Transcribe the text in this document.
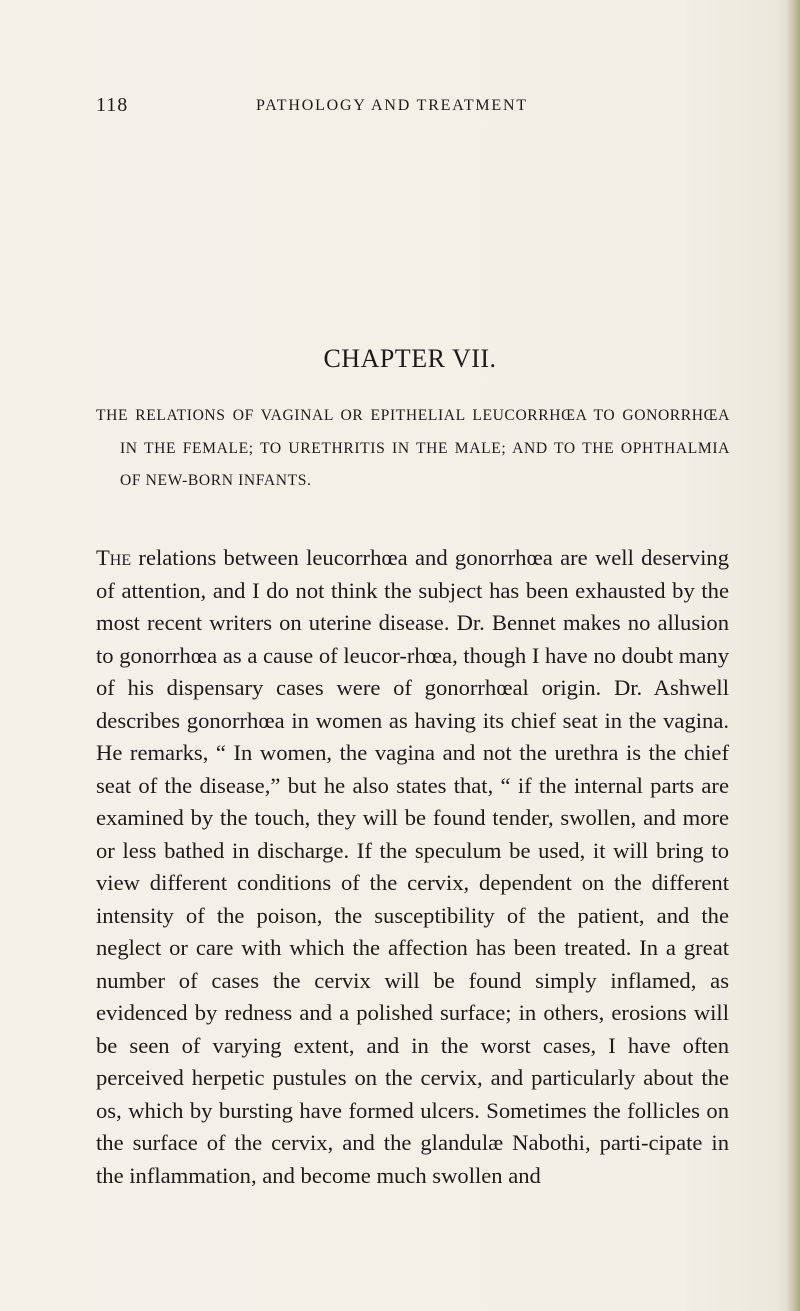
118	PATHOLOGY AND TREATMENT
CHAPTER VII.
THE RELATIONS OF VAGINAL OR EPITHELIAL LEUCORRHŒA TO GONORRHŒA IN THE FEMALE; TO URETHRITIS IN THE MALE; AND TO THE OPHTHALMIA OF NEW-BORN INFANTS.
The relations between leucorrhœa and gonorrhœa are well deserving of attention, and I do not think the subject has been exhausted by the most recent writers on uterine disease. Dr. Bennet makes no allusion to gonorrhœa as a cause of leucor-rhœa, though I have no doubt many of his dispensary cases were of gonorrhœal origin. Dr. Ashwell describes gonorrhœa in women as having its chief seat in the vagina. He remarks, “ In women, the vagina and not the urethra is the chief seat of the disease,” but he also states that, “ if the internal parts are examined by the touch, they will be found tender, swollen, and more or less bathed in discharge. If the speculum be used, it will bring to view different conditions of the cervix, dependent on the different intensity of the poison, the susceptibility of the patient, and the neglect or care with which the affection has been treated. In a great number of cases the cervix will be found simply inflamed, as evidenced by redness and a polished surface; in others, erosions will be seen of varying extent, and in the worst cases, I have often perceived herpetic pustules on the cervix, and particularly about the os, which by bursting have formed ulcers. Sometimes the follicles on the surface of the cervix, and the glandulæ Nabothi, parti-cipate in the inflammation, and become much swollen and
